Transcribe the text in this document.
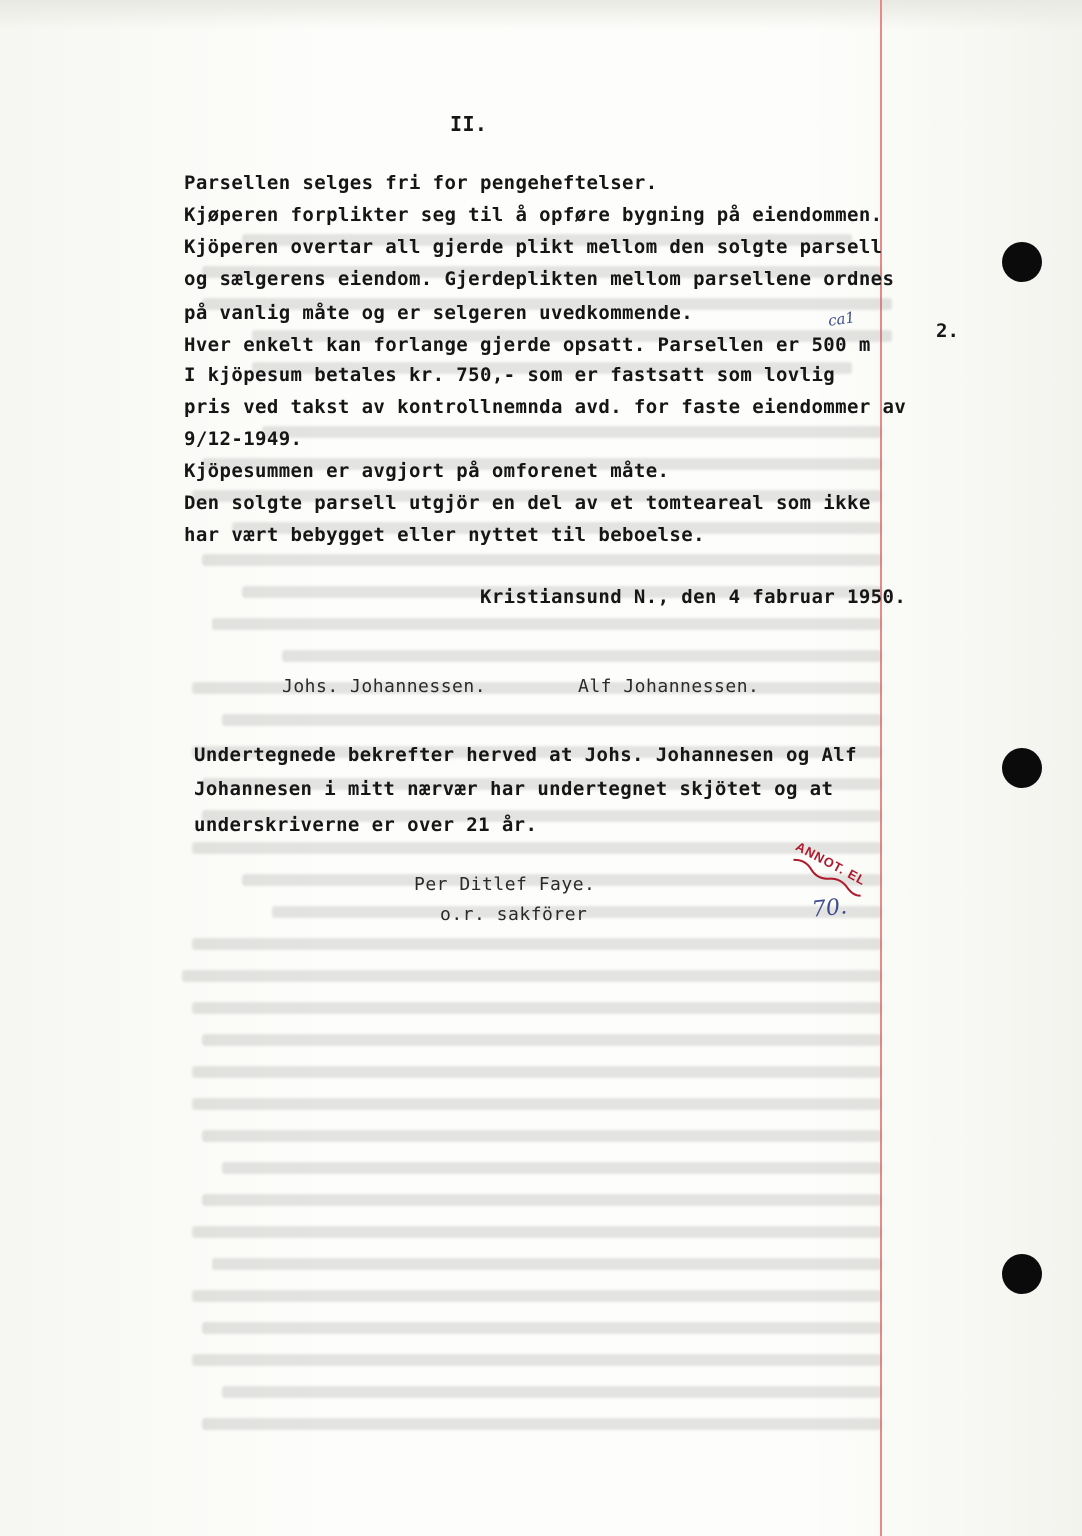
II.
Parsellen selges fri for pengeheftelser.
Kjøperen forplikter seg til å opføre bygning på eiendommen.
Kjöperen overtar all gjerde plikt mellom den solgte parsell
og sælgerens eiendom. Gjerdeplikten mellom parsellene ordnes
på vanlig måte og er selgeren uvedkommende.	ca1
Hver enkelt kan forlange gjerde opsatt. Parsellen er 500 m
2.
I kjöpesum betales kr. 750,- som er fastsatt som lovlig
pris ved takst av kontrollnemnda avd. for faste eiendommer av
9/12-1949.
Kjöpesummen er avgjort på omforenet måte.
Den solgte parsell utgjör en del av et tomteareal som ikke
har vært bebygget eller nyttet til beboelse.
Kristiansund N., den 4 fabruar 1950.
Johs. Johannessen.	Alf Johannessen.
Undertegnede bekrefter herved at Johs. Johannesen og Alf
Johannesen i mitt nærvær har undertegnet skjötet og at
underskriverne er over 21 år.
Per Ditlef Faye.
o.r. sakförer
ANNOT. EL
70.
